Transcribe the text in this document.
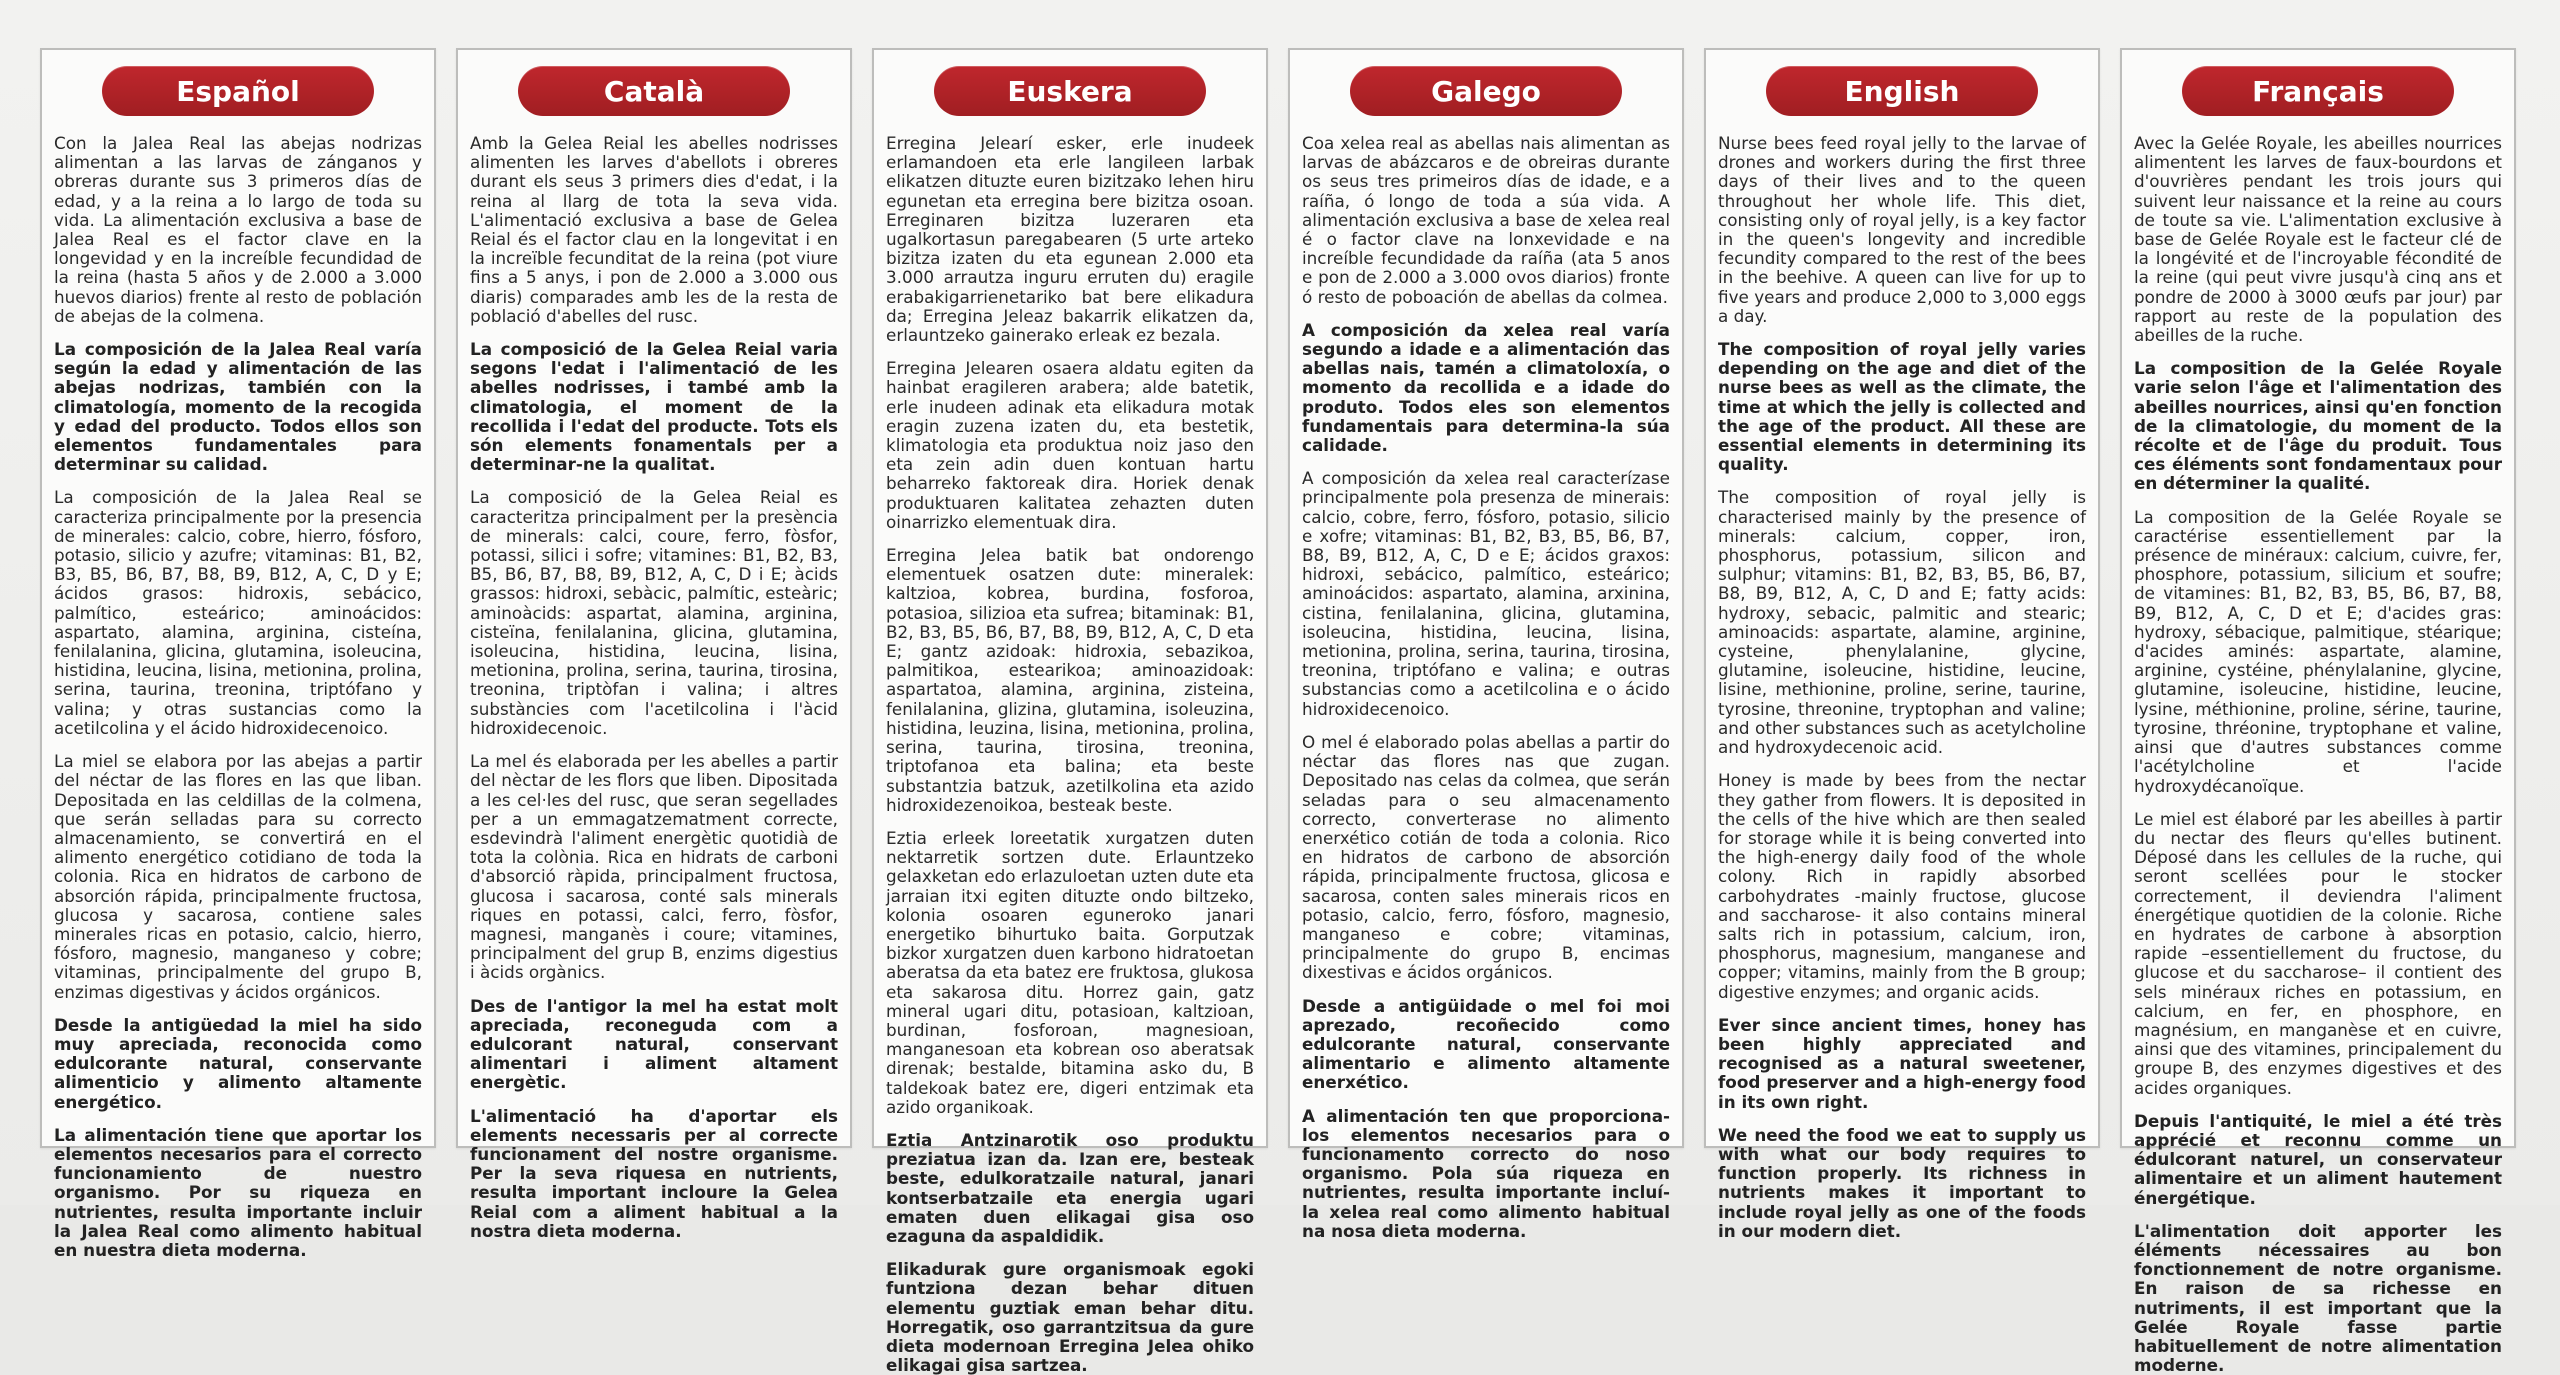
Español

Con la Jalea Real las abejas nodrizas alimentan a las larvas de zánganos y obreras durante sus 3 primeros días de edad, y a la reina a lo largo de toda su vida. La alimentación exclusiva a base de Jalea Real es el factor clave en la longevidad y en la increíble fecundidad de la reina (hasta 5 años y de 2.000 a 3.000 huevos diarios) frente al resto de población de abejas de la colmena.

La composición de la Jalea Real varía según la edad y alimentación de las abejas nodrizas, también con la climatología, momento de la recogida y edad del producto. Todos ellos son elementos fundamentales para determinar su calidad.

La composición de la Jalea Real se caracteriza principalmente por la presencia de minerales: calcio, cobre, hierro, fósforo, potasio, silicio y azufre; vitaminas: B1, B2, B3, B5, B6, B7, B8, B9, B12, A, C, D y E; ácidos grasos: hidroxis, sebácico, palmítico, esteárico; aminoácidos: aspartato, alamina, arginina, cisteína, fenilalanina, glicina, glutamina, isoleucina, histidina, leucina, lisina, metionina, prolina, serina, taurina, treonina, triptófano y valina; y otras sustancias como la acetilcolina y el ácido hidroxidecenoico.

La miel se elabora por las abejas a partir del néctar de las flores en las que liban. Depositada en las celdillas de la colmena, que serán selladas para su correcto almacenamiento, se convertirá en el alimento energético cotidiano de toda la colonia. Rica en hidratos de carbono de absorción rápida, principalmente fructosa, glucosa y sacarosa, contiene sales minerales ricas en potasio, calcio, hierro, fósforo, magnesio, manganeso y cobre; vitaminas, principalmente del grupo B, enzimas digestivas y ácidos orgánicos.

Desde la antigüedad la miel ha sido muy apreciada, reconocida como edulcorante natural, conservante alimenticio y alimento altamente energético.

La alimentación tiene que aportar los elementos necesarios para el correcto funcionamiento de nuestro organismo. Por su riqueza en nutrientes, resulta importante incluir la Jalea Real como alimento habitual en nuestra dieta moderna.

Català

Amb la Gelea Reial les abelles nodrisses alimenten les larves d'abellots i obreres durant els seus 3 primers dies d'edat, i la reina al llarg de tota la seva vida. L'alimentació exclusiva a base de Gelea Reial és el factor clau en la longevitat i en la increïble fecunditat de la reina (pot viure fins a 5 anys, i pon de 2.000 a 3.000 ous diaris) comparades amb les de la resta de població d'abelles del rusc.

La composició de la Gelea Reial varia segons l'edat i l'alimentació de les abelles nodrisses, i també amb la climatologia, el moment de la recollida i l'edat del producte. Tots els són elements fonamentals per a determinar-ne la qualitat.

La composició de la Gelea Reial es caracteritza principalment per la presència de minerals: calci, coure, ferro, fòsfor, potassi, silici i sofre; vitamines: B1, B2, B3, B5, B6, B7, B8, B9, B12, A, C, D i E; àcids grassos: hidroxi, sebàcic, palmític, esteàric; aminoàcids: aspartat, alamina, arginina, cisteïna, fenilalanina, glicina, glutamina, isoleucina, histidina, leucina, lisina, metionina, prolina, serina, taurina, tirosina, treonina, triptòfan i valina; i altres substàncies com l'acetilcolina i l'àcid hidroxidecenoic.

La mel és elaborada per les abelles a partir del nèctar de les flors que liben. Dipositada a les cel·les del rusc, que seran segellades per a un emmagatzematment correcte, esdevindrà l'aliment energètic quotidià de tota la colònia. Rica en hidrats de carboni d'absorció ràpida, principalment fructosa, glucosa i sacarosa, conté sals minerals riques en potassi, calci, ferro, fòsfor, magnesi, manganès i coure; vitamines, principalment del grup B, enzims digestius i àcids orgànics.

Des de l'antigor la mel ha estat molt apreciada, reconeguda com a edulcorant natural, conservant alimentari i aliment altament energètic.

L'alimentació ha d'aportar els elements necessaris per al correcte funcionament del nostre organisme. Per la seva riquesa en nutrients, resulta important incloure la Gelea Reial com a aliment habitual a la nostra dieta moderna.

Euskera

Erregina Jelearí esker, erle inudeek erlamandoen eta erle langileen larbak elikatzen dituzte euren bizitzako lehen hiru egunetan eta erregina bere bizitza osoan. Erreginaren bizitza luzeraren eta ugalkortasun paregabearen (5 urte arteko bizitza izaten du eta egunean 2.000 eta 3.000 arrautza inguru erruten du) eragile erabakigarrienetariko bat bere elikadura da; Erregina Jeleaz bakarrik elikatzen da, erlauntzeko gainerako erleak ez bezala.

Erregina Jelearen osaera aldatu egiten da hainbat eragileren arabera; alde batetik, erle inudeen adinak eta elikadura motak eragin zuzena izaten du, eta bestetik, klimatologia eta produktua noiz jaso den eta zein adin duen kontuan hartu beharreko faktoreak dira. Horiek denak produktuaren kalitatea zehazten duten oinarrizko elementuak dira.

Erregina Jelea batik bat ondorengo elementuek osatzen dute: mineralek: kaltzioa, kobrea, burdina, fosforoa, potasioa, silizioa eta sufrea; bitaminak: B1, B2, B3, B5, B6, B7, B8, B9, B12, A, C, D eta E; gantz azidoak: hidroxia, sebazikoa, palmitikoa, estearikoa; aminoazidoak: aspartatoa, alamina, arginina, zisteina, fenilalanina, glizina, glutamina, isoleuzina, histidina, leuzina, lisina, metionina, prolina, serina, taurina, tirosina, treonina, triptofanoa eta balina; eta beste substantzia batzuk, azetilkolina eta azido hidroxidezenoikoa, besteak beste.

Eztia erleek loreetatik xurgatzen duten nektarretik sortzen dute. Erlauntzeko gelaxketan edo erlazuloetan uzten dute eta jarraian itxi egiten dituzte ondo biltzeko, kolonia osoaren eguneroko janari energetiko bihurtuko baita. Gorputzak bizkor xurgatzen duen karbono hidratoetan aberatsa da eta batez ere fruktosa, glukosa eta sakarosa ditu. Horrez gain, gatz mineral ugari ditu, potasioan, kaltzioan, burdinan, fosforoan, magnesioan, manganesoan eta kobrean oso aberatsak direnak; bestalde, bitamina asko du, B taldekoak batez ere, digeri entzimak eta azido organikoak.

Eztia Antzinarotik oso produktu preziatua izan da. Izan ere, besteak beste, edulkoratzaile natural, janari kontserbatzaile eta energia ugari ematen duen elikagai gisa oso ezaguna da aspaldidik.

Elikadurak gure organismoak egoki funtziona dezan behar dituen elementu guztiak eman behar ditu. Horregatik, oso garrantzitsua da gure dieta modernoan Erregina Jelea ohiko elikagai gisa sartzea.

Galego

Coa xelea real as abellas nais alimentan as larvas de abázcaros e de obreiras durante os seus tres primeiros días de idade, e a raíña, ó longo de toda a súa vida. A alimentación exclusiva a base de xelea real é o factor clave na lonxevidade e na increíble fecundidade da raíña (ata 5 anos e pon de 2.000 a 3.000 ovos diarios) fronte ó resto de poboación de abellas da colmea.

A composición da xelea real varía segundo a idade e a alimentación das abellas nais, tamén a climatoloxía, o momento da recollida e a idade do produto. Todos eles son elementos fundamentais para determina-la súa calidade.

A composición da xelea real caracterízase principalmente pola presenza de minerais: calcio, cobre, ferro, fósforo, potasio, silicio e xofre; vitaminas: B1, B2, B3, B5, B6, B7, B8, B9, B12, A, C, D e E; ácidos graxos: hidroxi, sebácico, palmítico, esteárico; aminoácidos: aspartato, alamina, arxinina, cistina, fenilalanina, glicina, glutamina, isoleucina, histidina, leucina, lisina, metionina, prolina, serina, taurina, tirosina, treonina, triptófano e valina; e outras substancias como a acetilcolina e o ácido hidroxidecenoico.

O mel é elaborado polas abellas a partir do néctar das flores nas que zugan. Depositado nas celas da colmea, que serán seladas para o seu almacenamento correcto, converterase no alimento enerxético cotián de toda a colonia. Rico en hidratos de carbono de absorción rápida, principalmente fructosa, glicosa e sacarosa, conten sales minerais ricos en potasio, calcio, ferro, fósforo, magnesio, manganeso e cobre; vitaminas, principalmente do grupo B, encimas dixestivas e ácidos orgánicos.

Desde a antigüidade o mel foi moi aprezado, recoñecido como edulcorante natural, conservante alimentario e alimento altamente enerxético.

A alimentación ten que proporciona-los elementos necesarios para o funcionamento correcto do noso organismo. Pola súa riqueza en nutrientes, resulta importante incluí-la xelea real como alimento habitual na nosa dieta moderna.

English

Nurse bees feed royal jelly to the larvae of drones and workers during the first three days of their lives and to the queen throughout her whole life. This diet, consisting only of royal jelly, is a key factor in the queen's longevity and incredible fecundity compared to the rest of the bees in the beehive. A queen can live for up to five years and produce 2,000 to 3,000 eggs a day.

The composition of royal jelly varies depending on the age and diet of the nurse bees as well as the climate, the time at which the jelly is collected and the age of the product. All these are essential elements in determining its quality.

The composition of royal jelly is characterised mainly by the presence of minerals: calcium, copper, iron, phosphorus, potassium, silicon and sulphur; vitamins: B1, B2, B3, B5, B6, B7, B8, B9, B12, A, C, D and E; fatty acids: hydroxy, sebacic, palmitic and stearic; aminoacids: aspartate, alamine, arginine, cysteine, phenylalanine, glycine, glutamine, isoleucine, histidine, leucine, lisine, methionine, proline, serine, taurine, tyrosine, threonine, tryptophan and valine; and other substances such as acetylcholine and hydroxydecenoic acid.

Honey is made by bees from the nectar they gather from flowers. It is deposited in the cells of the hive which are then sealed for storage while it is being converted into the high-energy daily food of the whole colony. Rich in rapidly absorbed carbohydrates -mainly fructose, glucose and saccharose- it also contains mineral salts rich in potassium, calcium, iron, phosphorus, magnesium, manganese and copper; vitamins, mainly from the B group; digestive enzymes; and organic acids.

Ever since ancient times, honey has been highly appreciated and recognised as a natural sweetener, food preserver and a high-energy food in its own right.

We need the food we eat to supply us with what our body requires to function properly. Its richness in nutrients makes it important to include royal jelly as one of the foods in our modern diet.

Français

Avec la Gelée Royale, les abeilles nourrices alimentent les larves de faux-bourdons et d'ouvrières pendant les trois jours qui suivent leur naissance et la reine au cours de toute sa vie. L'alimentation exclusive à base de Gelée Royale est le facteur clé de la longévité et de l'incroyable fécondité de la reine (qui peut vivre jusqu'à cinq ans et pondre de 2000 à 3000 œufs par jour) par rapport au reste de la population des abeilles de la ruche.

La composition de la Gelée Royale varie selon l'âge et l'alimentation des abeilles nourrices, ainsi qu'en fonction de la climatologie, du moment de la récolte et de l'âge du produit. Tous ces éléments sont fondamentaux pour en déterminer la qualité.

La composition de la Gelée Royale se caractérise essentiellement par la présence de minéraux: calcium, cuivre, fer, phosphore, potassium, silicium et soufre; de vitamines: B1, B2, B3, B5, B6, B7, B8, B9, B12, A, C, D et E; d'acides gras: hydroxy, sébacique, palmitique, stéarique; d'acides aminés: aspartate, alamine, arginine, cystéine, phénylalanine, glycine, glutamine, isoleucine, histidine, leucine, lysine, méthionine, proline, sérine, taurine, tyrosine, thréonine, tryptophane et valine, ainsi que d'autres substances comme l'acétylcholine et l'acide hydroxydécanoïque.

Le miel est élaboré par les abeilles à partir du nectar des fleurs qu'elles butinent. Déposé dans les cellules de la ruche, qui seront scellées pour le stocker correctement, il deviendra l'aliment énergétique quotidien de la colonie. Riche en hydrates de carbone à absorption rapide –essentiellement du fructose, du glucose et du saccharose– il contient des sels minéraux riches en potassium, en calcium, en fer, en phosphore, en magnésium, en manganèse et en cuivre, ainsi que des vitamines, principalement du groupe B, des enzymes digestives et des acides organiques.

Depuis l'antiquité, le miel a été très apprécié et reconnu comme un édulcorant naturel, un conservateur alimentaire et un aliment hautement énergétique.

L'alimentation doit apporter les éléments nécessaires au bon fonctionnement de notre organisme. En raison de sa richesse en nutriments, il est important que la Gelée Royale fasse partie habituellement de notre alimentation moderne.
